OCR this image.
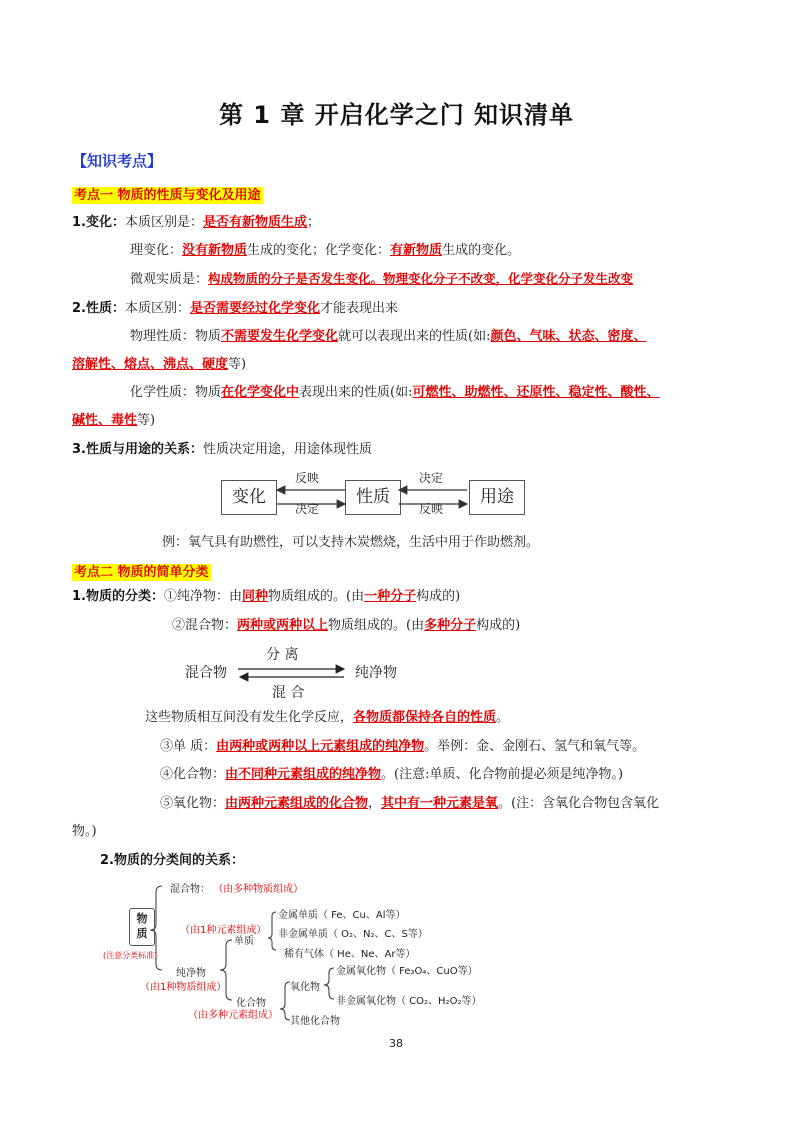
第 1 章 开启化学之门 知识清单
【知识考点】
考点一 物质的性质与变化及用途
1.变化：本质区别是：是否有新物质生成；
理变化：没有新物质生成的变化；化学变化：有新物质生成的变化。
微观实质是：构成物质的分子是否发生变化。物理变化分子不改变，化学变化分子发生改变
2.性质：本质区别：是否需要经过化学变化才能表现出来
物理性质：物质不需要发生化学变化就可以表现出来的性质(如:颜色、气味、状态、密度、
溶解性、熔点、沸点、硬度等)
化学性质：物质在化学变化中表现出来的性质(如:可燃性、助燃性、还原性、稳定性、酸性、
碱性、毒性等)
3.性质与用途的关系：性质决定用途，用途体现性质
变化	性质	用途
反映
决定
决定
反映
例：氧气具有助燃性，可以支持木炭燃烧，生活中用于作助燃剂。
考点二 物质的简单分类
1.物质的分类：①纯净物：由同种物质组成的。(由一种分子构成的)
②混合物：两种或两种以上物质组成的。(由多种分子构成的)
混合物	纯净物
分 离
混 合
这些物质相互间没有发生化学反应，各物质都保持各自的性质。
③单 质：由两种或两种以上元素组成的纯净物。举例：金、金刚石、氢气和氧气等。
④化合物：由不同种元素组成的纯净物。(注意:单质、化合物前提必须是纯净物。)
⑤氧化物：由两种元素组成的化合物，其中有一种元素是氧。(注：含氧化合物包含氧化
物。)
2.物质的分类间的关系：
物
质
(注意分类标准)
混合物： （由多种物质组成）
（由1种元素组成）
单质
金属单质（ Fe、Cu、Al等）
非金属单质（ O₂、N₂、C、S等）
稀有气体（ He、Ne、Ar等）
纯净物
（由1种物质组成）
化合物
（由多种元素组成）
氧化物
金属氧化物（ Fe₃O₄、CuO等）
非金属氧化物（ CO₂、H₂O₂等）
其他化合物
38
